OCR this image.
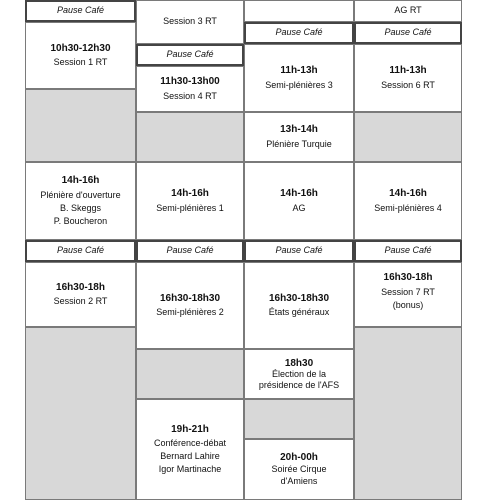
Pause Café
10h30-12h30
Session 1 RT
14h-16h
Plénière d'ouverture
B. Skeggs
P. Boucheron
Pause Café
16h30-18h
Session 2 RT
Session 3 RT
Pause Café
11h30-13h00
Session 4 RT
14h-16h
Semi-plénières 1
Pause Café
16h30-18h30
Semi-plénières 2
19h-21h
Conférence-débat
Bernard Lahire
Igor Martinache
Pause Café
11h-13h
Semi-plénières 3
13h-14h
Plénière Turquie
14h-16h
AG
Pause Café
16h30-18h30
États généraux
18h30
Élection de la
présidence de l'AFS
20h-00h
Soirée Cirque
d'Amiens
AG RT
Pause Café
11h-13h
Session 6 RT
14h-16h
Semi-plénières 4
Pause Café
16h30-18h
Session 7 RT
(bonus)
